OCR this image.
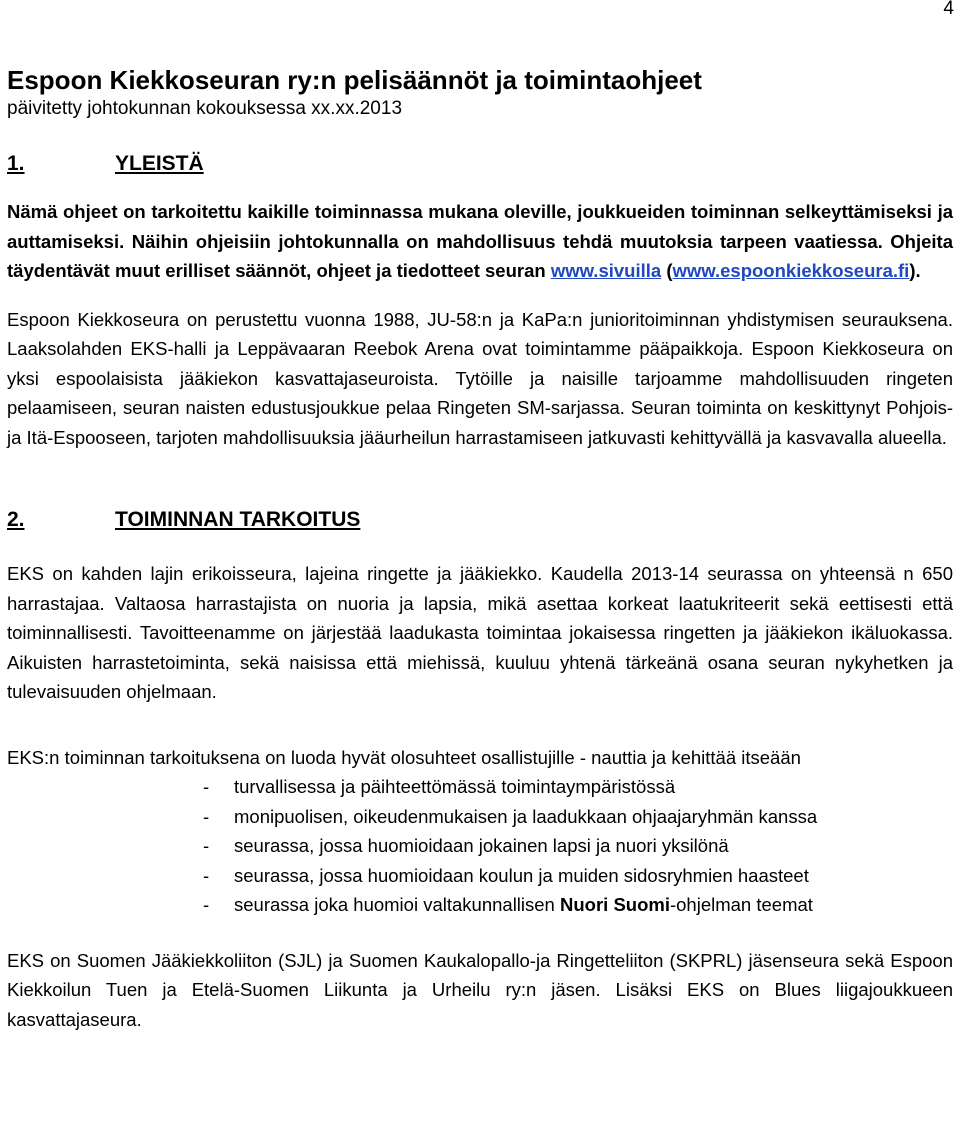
4
Espoon Kiekkoseuran ry:n pelisäännöt ja toimintaohjeet

päivitetty johtokunnan kokouksessa xx.xx.2013

1.	YLEISTÄ

Nämä ohjeet on tarkoitettu kaikille toiminnassa mukana oleville, joukkueiden toiminnan selkeyttämiseksi ja auttamiseksi. Näihin ohjeisiin johtokunnalla on mahdollisuus tehdä muutoksia tarpeen vaatiessa. Ohjeita täydentävät muut erilliset säännöt, ohjeet ja tiedotteet seuran www.sivuilla (www.espoonkiekkoseura.fi).

Espoon Kiekkoseura on perustettu vuonna 1988, JU-58:n ja KaPa:n junioritoiminnan yhdistymisen seurauksena. Laaksolahden EKS-halli ja Leppävaaran Reebok Arena ovat toimintamme pääpaikkoja. Espoon Kiekkoseura on yksi espoolaisista jääkiekon kasvattajaseuroista. Tytöille ja naisille tarjoamme mahdollisuuden ringeten pelaamiseen, seuran naisten edustusjoukkue pelaa Ringeten SM-sarjassa. Seuran toiminta on keskittynyt Pohjois- ja Itä-Espooseen, tarjoten mahdollisuuksia jääurheilun harrastamiseen jatkuvasti kehittyvällä ja kasvavalla alueella.

2.	TOIMINNAN TARKOITUS

EKS on kahden lajin erikoisseura, lajeina ringette ja jääkiekko. Kaudella 2013-14 seurassa on yhteensä n 650 harrastajaa. Valtaosa harrastajista on nuoria ja lapsia, mikä asettaa korkeat laatukriteerit sekä eettisesti että toiminnallisesti. Tavoitteenamme on järjestää laadukasta toimintaa jokaisessa ringetten ja jääkiekon ikäluokassa. Aikuisten harrastetoiminta, sekä naisissa että miehissä, kuuluu yhtenä tärkeänä osana seuran nykyhetken ja tulevaisuuden ohjelmaan.

EKS:n toiminnan tarkoituksena on luoda hyvät olosuhteet osallistujille - nauttia ja kehittää itseään

- turvallisessa ja päihteettömässä toimintaympäristössä
- monipuolisen, oikeudenmukaisen ja laadukkaan ohjaajaryhmän kanssa
- seurassa, jossa huomioidaan jokainen lapsi ja nuori yksilönä
- seurassa, jossa huomioidaan koulun ja muiden sidosryhmien haasteet
- seurassa joka huomioi valtakunnallisen Nuori Suomi-ohjelman teemat

EKS on Suomen Jääkiekkoliiton (SJL) ja Suomen Kaukalopallo-ja Ringetteliiton (SKPRL) jäsenseura sekä Espoon Kiekkoilun Tuen ja Etelä-Suomen Liikunta ja Urheilu ry:n jäsen. Lisäksi EKS on Blues liigajoukkueen kasvattajaseura.
